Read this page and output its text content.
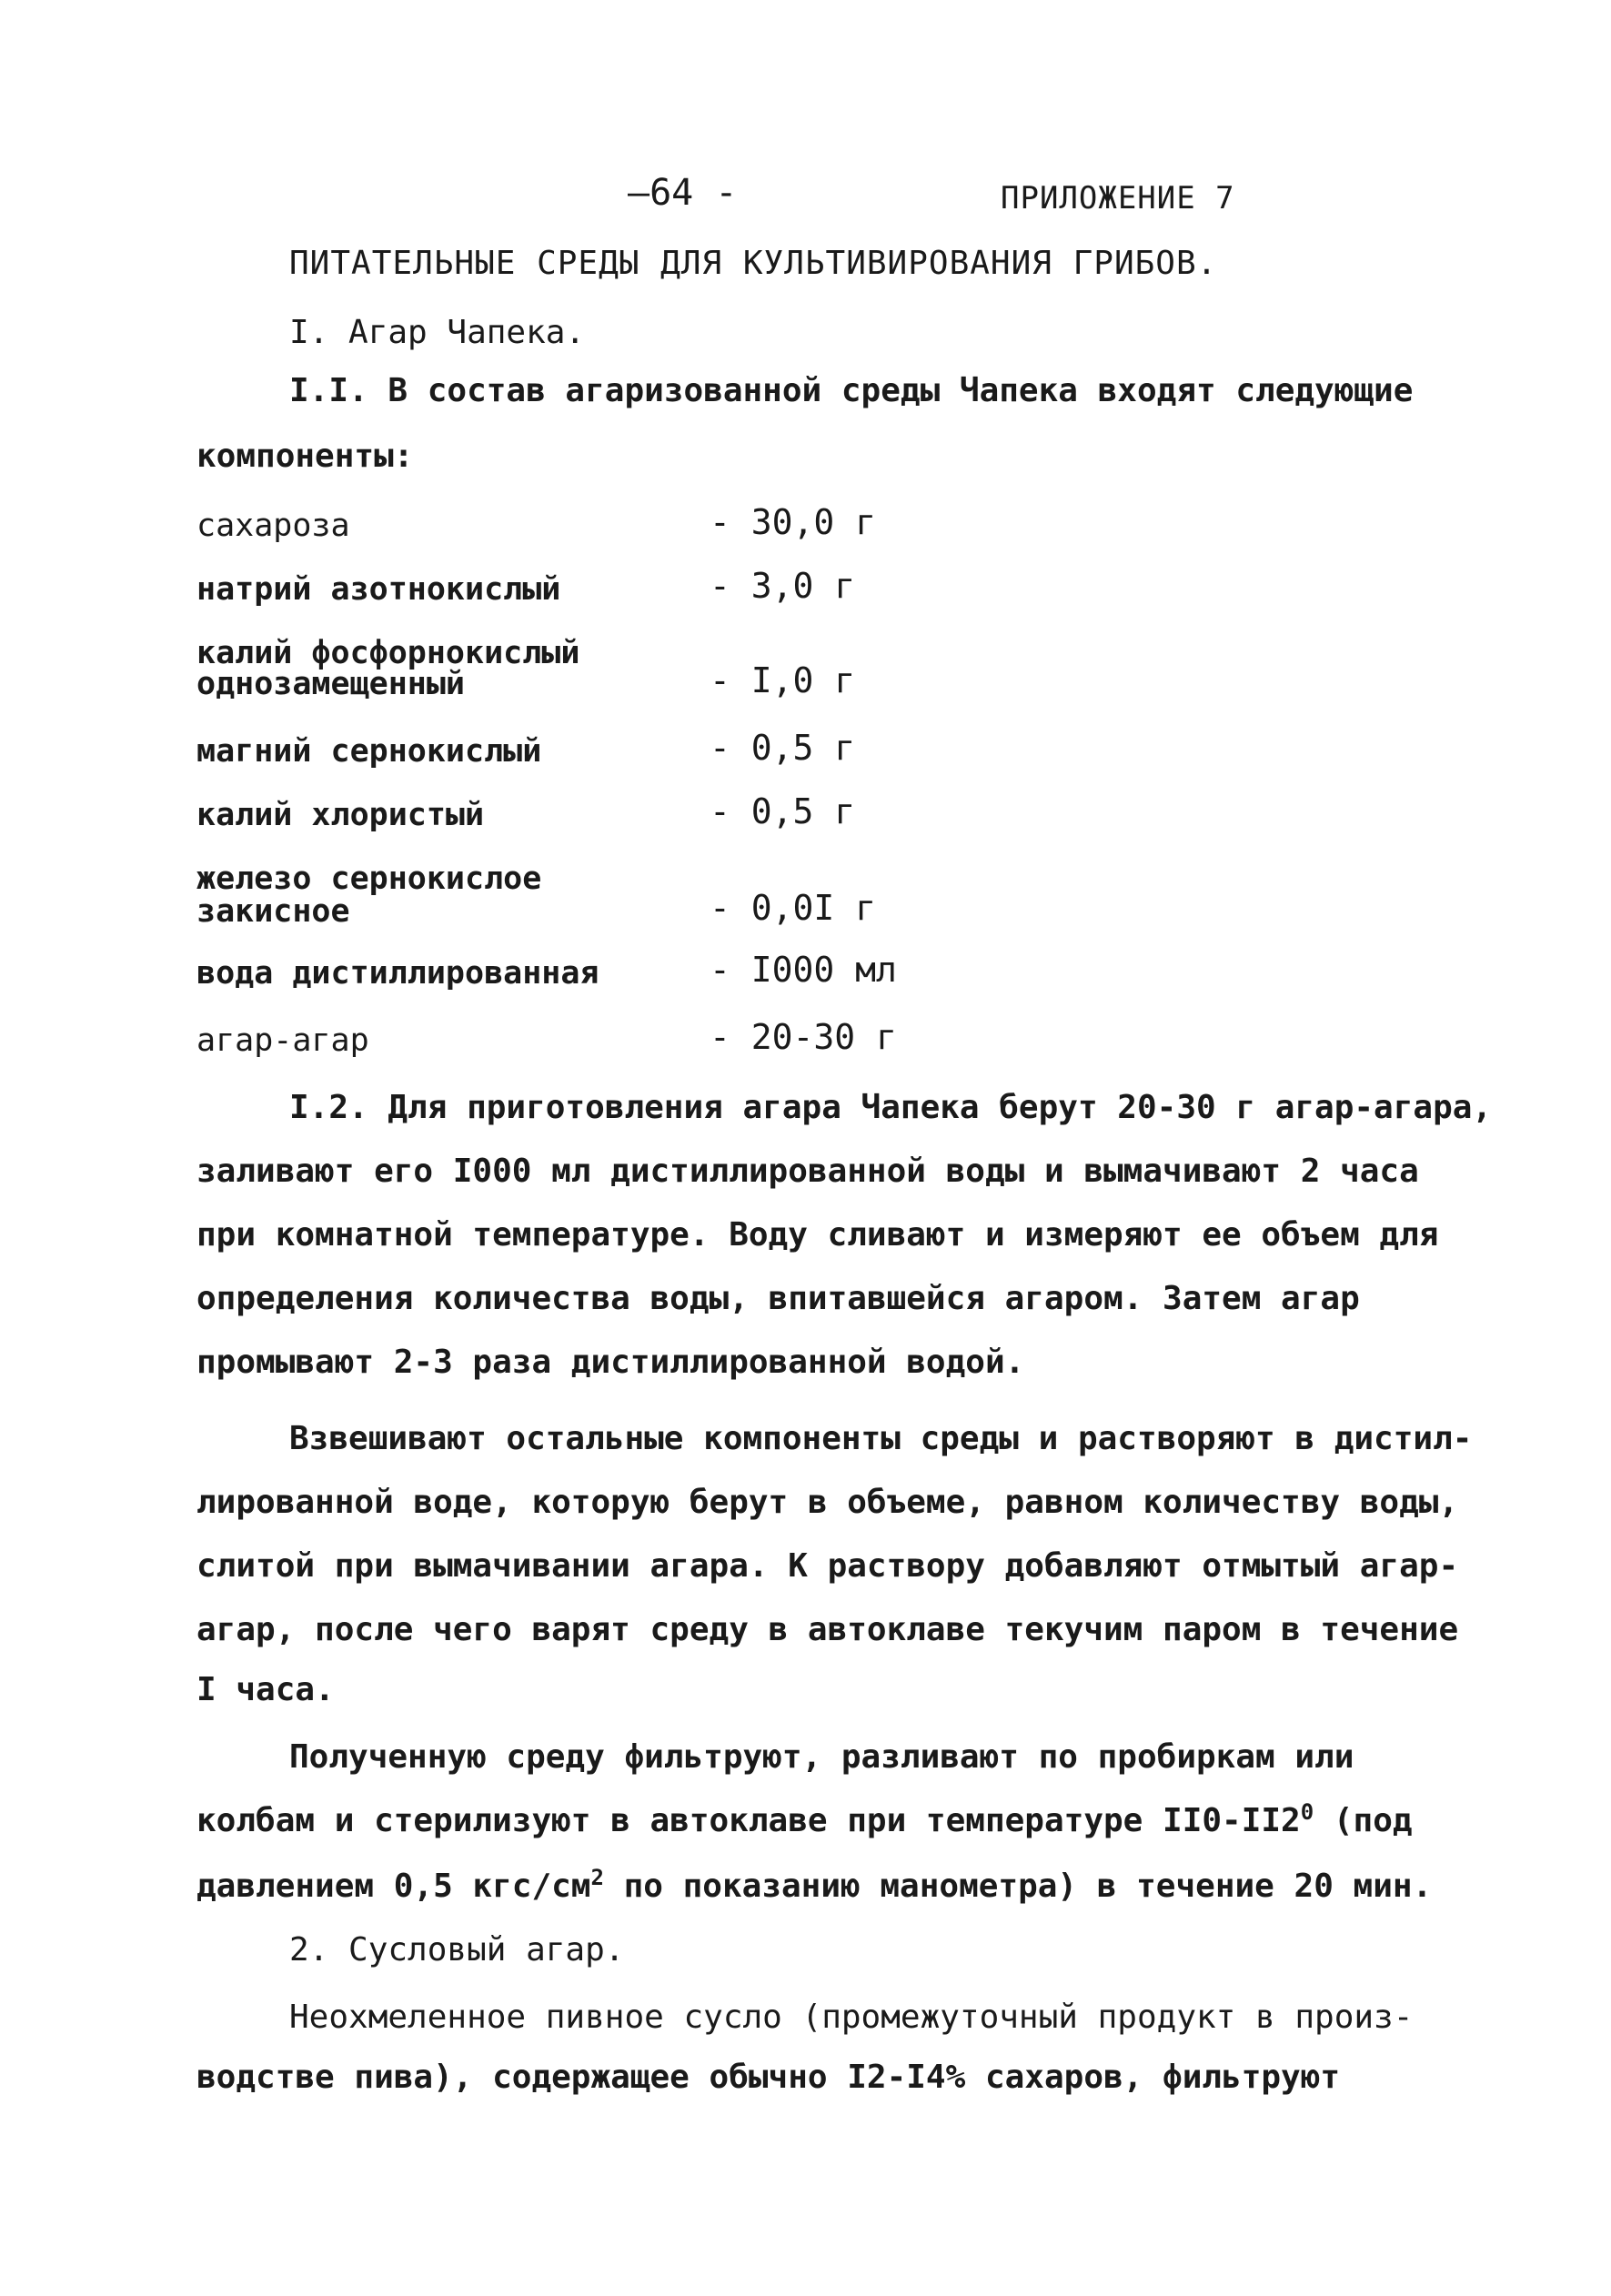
—64 -	ПРИЛОЖЕНИЕ 7
ПИТАТЕЛЬНЫЕ СРЕДЫ ДЛЯ КУЛЬТИВИРОВАНИЯ ГРИБОВ.
I. Агар Чапека.
I.I. В состав агаризованной среды Чапека входят следующие
компоненты:
сахароза	- 30,0 г
натрий азотнокислый	- 3,0 г
калий фосфорнокислый
однозамещенный	- I,0 г
магний сернокислый	- 0,5 г
калий хлористый	- 0,5 г
железо сернокислое
закисное	- 0,0I г
вода дистиллированная	- I000 мл
агар-агар	- 20-30 г
I.2. Для приготовления агара Чапека берут 20-30 г агар-агара,
заливают его I000 мл дистиллированной воды и вымачивают 2 часа
при комнатной температуре. Воду сливают и измеряют ее объем для
определения количества воды, впитавшейся агаром. Затем агар
промывают 2-3 раза дистиллированной водой.
Взвешивают остальные компоненты среды и растворяют в дистил-
лированной воде, которую берут в объеме, равном количеству воды,
слитой при вымачивании агара. К раствору добавляют отмытый агар-
агар, после чего варят среду в автоклаве текучим паром в течение
I часа.
Полученную среду фильтруют, разливают по пробиркам или
колбам и стерилизуют в автоклаве при температуре $II0-II2^0$ (под
давлением 0,5 кгс/$см^2$ по показанию манометра) в течение 20 мин.
2. Сусловый агар.
Неохмеленное пивное сусло (промежуточный продукт в произ-
водстве пива), содержащее обычно I2-I4% сахаров, фильтруют
